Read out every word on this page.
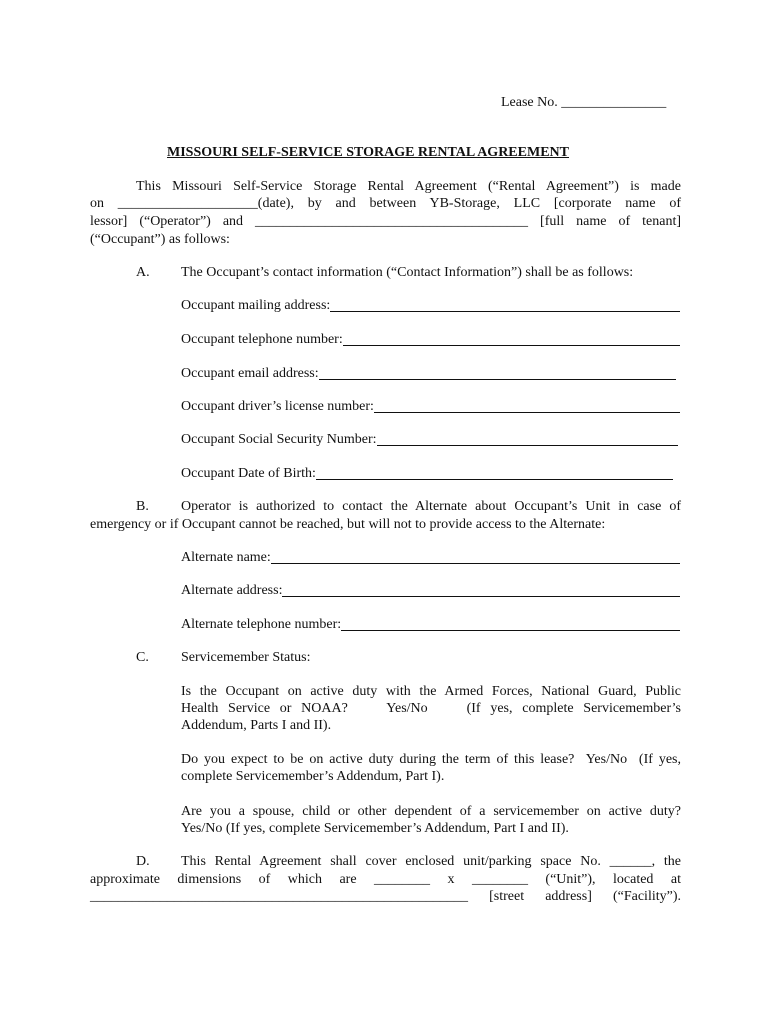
Lease No. _______________
MISSOURI SELF-SERVICE STORAGE RENTAL AGREEMENT
This Missouri Self-Service Storage Rental Agreement (“Rental Agreement”) is made
on ____________________(date), by and between YB-Storage, LLC [corporate name of
lessor] (“Operator”) and _______________________________________ [full name of tenant]
(“Occupant”) as follows:
A. The Occupant’s contact information (“Contact Information”) shall be as follows:
Occupant mailing address:
Occupant telephone number:
Occupant email address:
Occupant driver’s license number:
Occupant Social Security Number:
Occupant Date of Birth:
B. Operator is authorized to contact the Alternate about Occupant’s Unit in case of
emergency or if Occupant cannot be reached, but will not to provide access to the Alternate:
Alternate name:
Alternate address:
Alternate telephone number:
C. Servicemember Status:
Is the Occupant on active duty with the Armed Forces, National Guard, Public
Health Service or NOAA?    Yes/No    (If yes, complete Servicemember’s
Addendum, Parts I and II).
Do you expect to be on active duty during the term of this lease?  Yes/No  (If yes,
complete Servicemember’s Addendum, Part I).
Are you a spouse, child or other dependent of a servicemember on active duty?
Yes/No (If yes, complete Servicemember’s Addendum, Part I and II).
D. This Rental Agreement shall cover enclosed unit/parking space No. ______, the
approximate  dimensions  of  which  are  ________  x  ________  (“Unit”),  located  at
______________________________________________________  [street  address]  (“Facility”).
